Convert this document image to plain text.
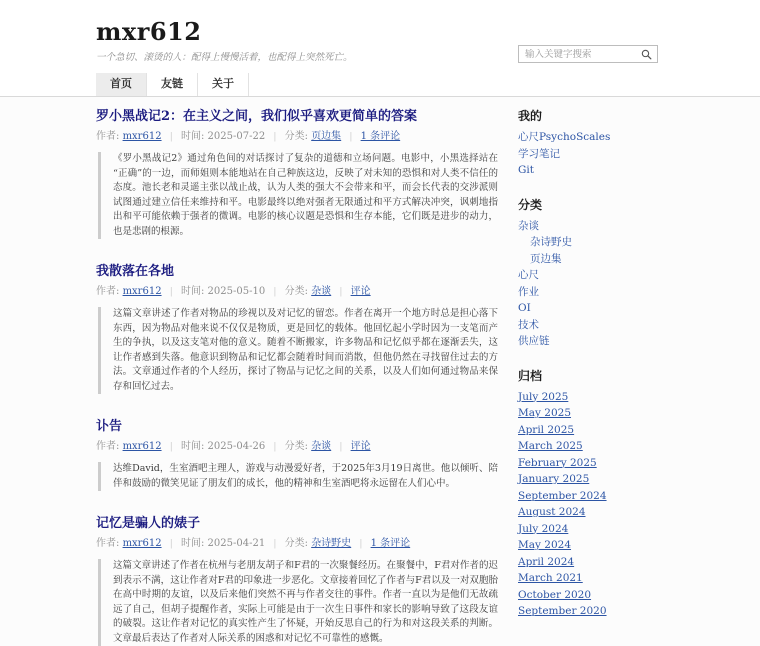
mxr612
一个急切、滚烫的人：配得上慢慢活着，也配得上突然死亡。
输入关键字搜索
首页	友链	关于
罗小黑战记2：在主义之间，我们似乎喜欢更简单的答案
作者: mxr612 | 时间: 2025-07-22 | 分类: 页边集 | 1 条评论
《罗小黑战记2》通过角色间的对话探讨了复杂的道德和立场问题。电影中，小黑选择站在“正确”的一边，而师姐则本能地站在自己种族这边，反映了对未知的恐惧和对人类不信任的态度。池长老和灵遥主张以战止战，认为人类的强大不会带来和平，而会长代表的交涉派则试图通过建立信任来维持和平。电影最终以绝对强者无限通过和平方式解决冲突，讽刺地指出和平可能依赖于强者的微调。电影的核心议题是恐惧和生存本能，它们既是进步的动力，也是悲剧的根源。
我散落在各地
作者: mxr612 | 时间: 2025-05-10 | 分类: 杂谈 | 评论
这篇文章讲述了作者对物品的珍视以及对记忆的留恋。作者在离开一个地方时总是担心落下东西，因为物品对他来说不仅仅是物质，更是回忆的载体。他回忆起小学时因为一支笔而产生的争执，以及这支笔对他的意义。随着不断搬家，许多物品和记忆似乎都在逐渐丢失，这让作者感到失落。他意识到物品和记忆都会随着时间而消散，但他仍然在寻找留住过去的方法。文章通过作者的个人经历，探讨了物品与记忆之间的关系，以及人们如何通过物品来保存和回忆过去。
讣告
作者: mxr612 | 时间: 2025-04-26 | 分类: 杂谈 | 评论
达维David，生室酒吧主理人，游戏与动漫爱好者，于2025年3月19日离世。他以倾听、陪伴和鼓励的微笑见证了朋友们的成长，他的精神和生室酒吧将永远留在人们心中。
记忆是骗人的婊子
作者: mxr612 | 时间: 2025-04-21 | 分类: 杂诗野史 | 1 条评论
这篇文章讲述了作者在杭州与老朋友胡子和F君的一次聚餐经历。在聚餐中，F君对作者的迟到表示不满，这让作者对F君的印象进一步恶化。文章接着回忆了作者与F君以及一对双胞胎在高中时期的友谊，以及后来他们突然不再与作者交往的事件。作者一直以为是他们无故疏远了自己，但胡子提醒作者，实际上可能是由于一次生日事件和家长的影响导致了这段友谊的破裂。这让作者对记忆的真实性产生了怀疑，开始反思自己的行为和对这段关系的判断。文章最后表达了作者对人际关系的困惑和对记忆不可靠性的感慨。
我的
心尺PsychoScales
学习笔记
Git
分类
杂谈
杂诗野史
页边集
心尺
作业
OI
技术
供应链
归档
July 2025
May 2025
April 2025
March 2025
February 2025
January 2025
September 2024
August 2024
July 2024
May 2024
April 2024
March 2021
October 2020
September 2020
